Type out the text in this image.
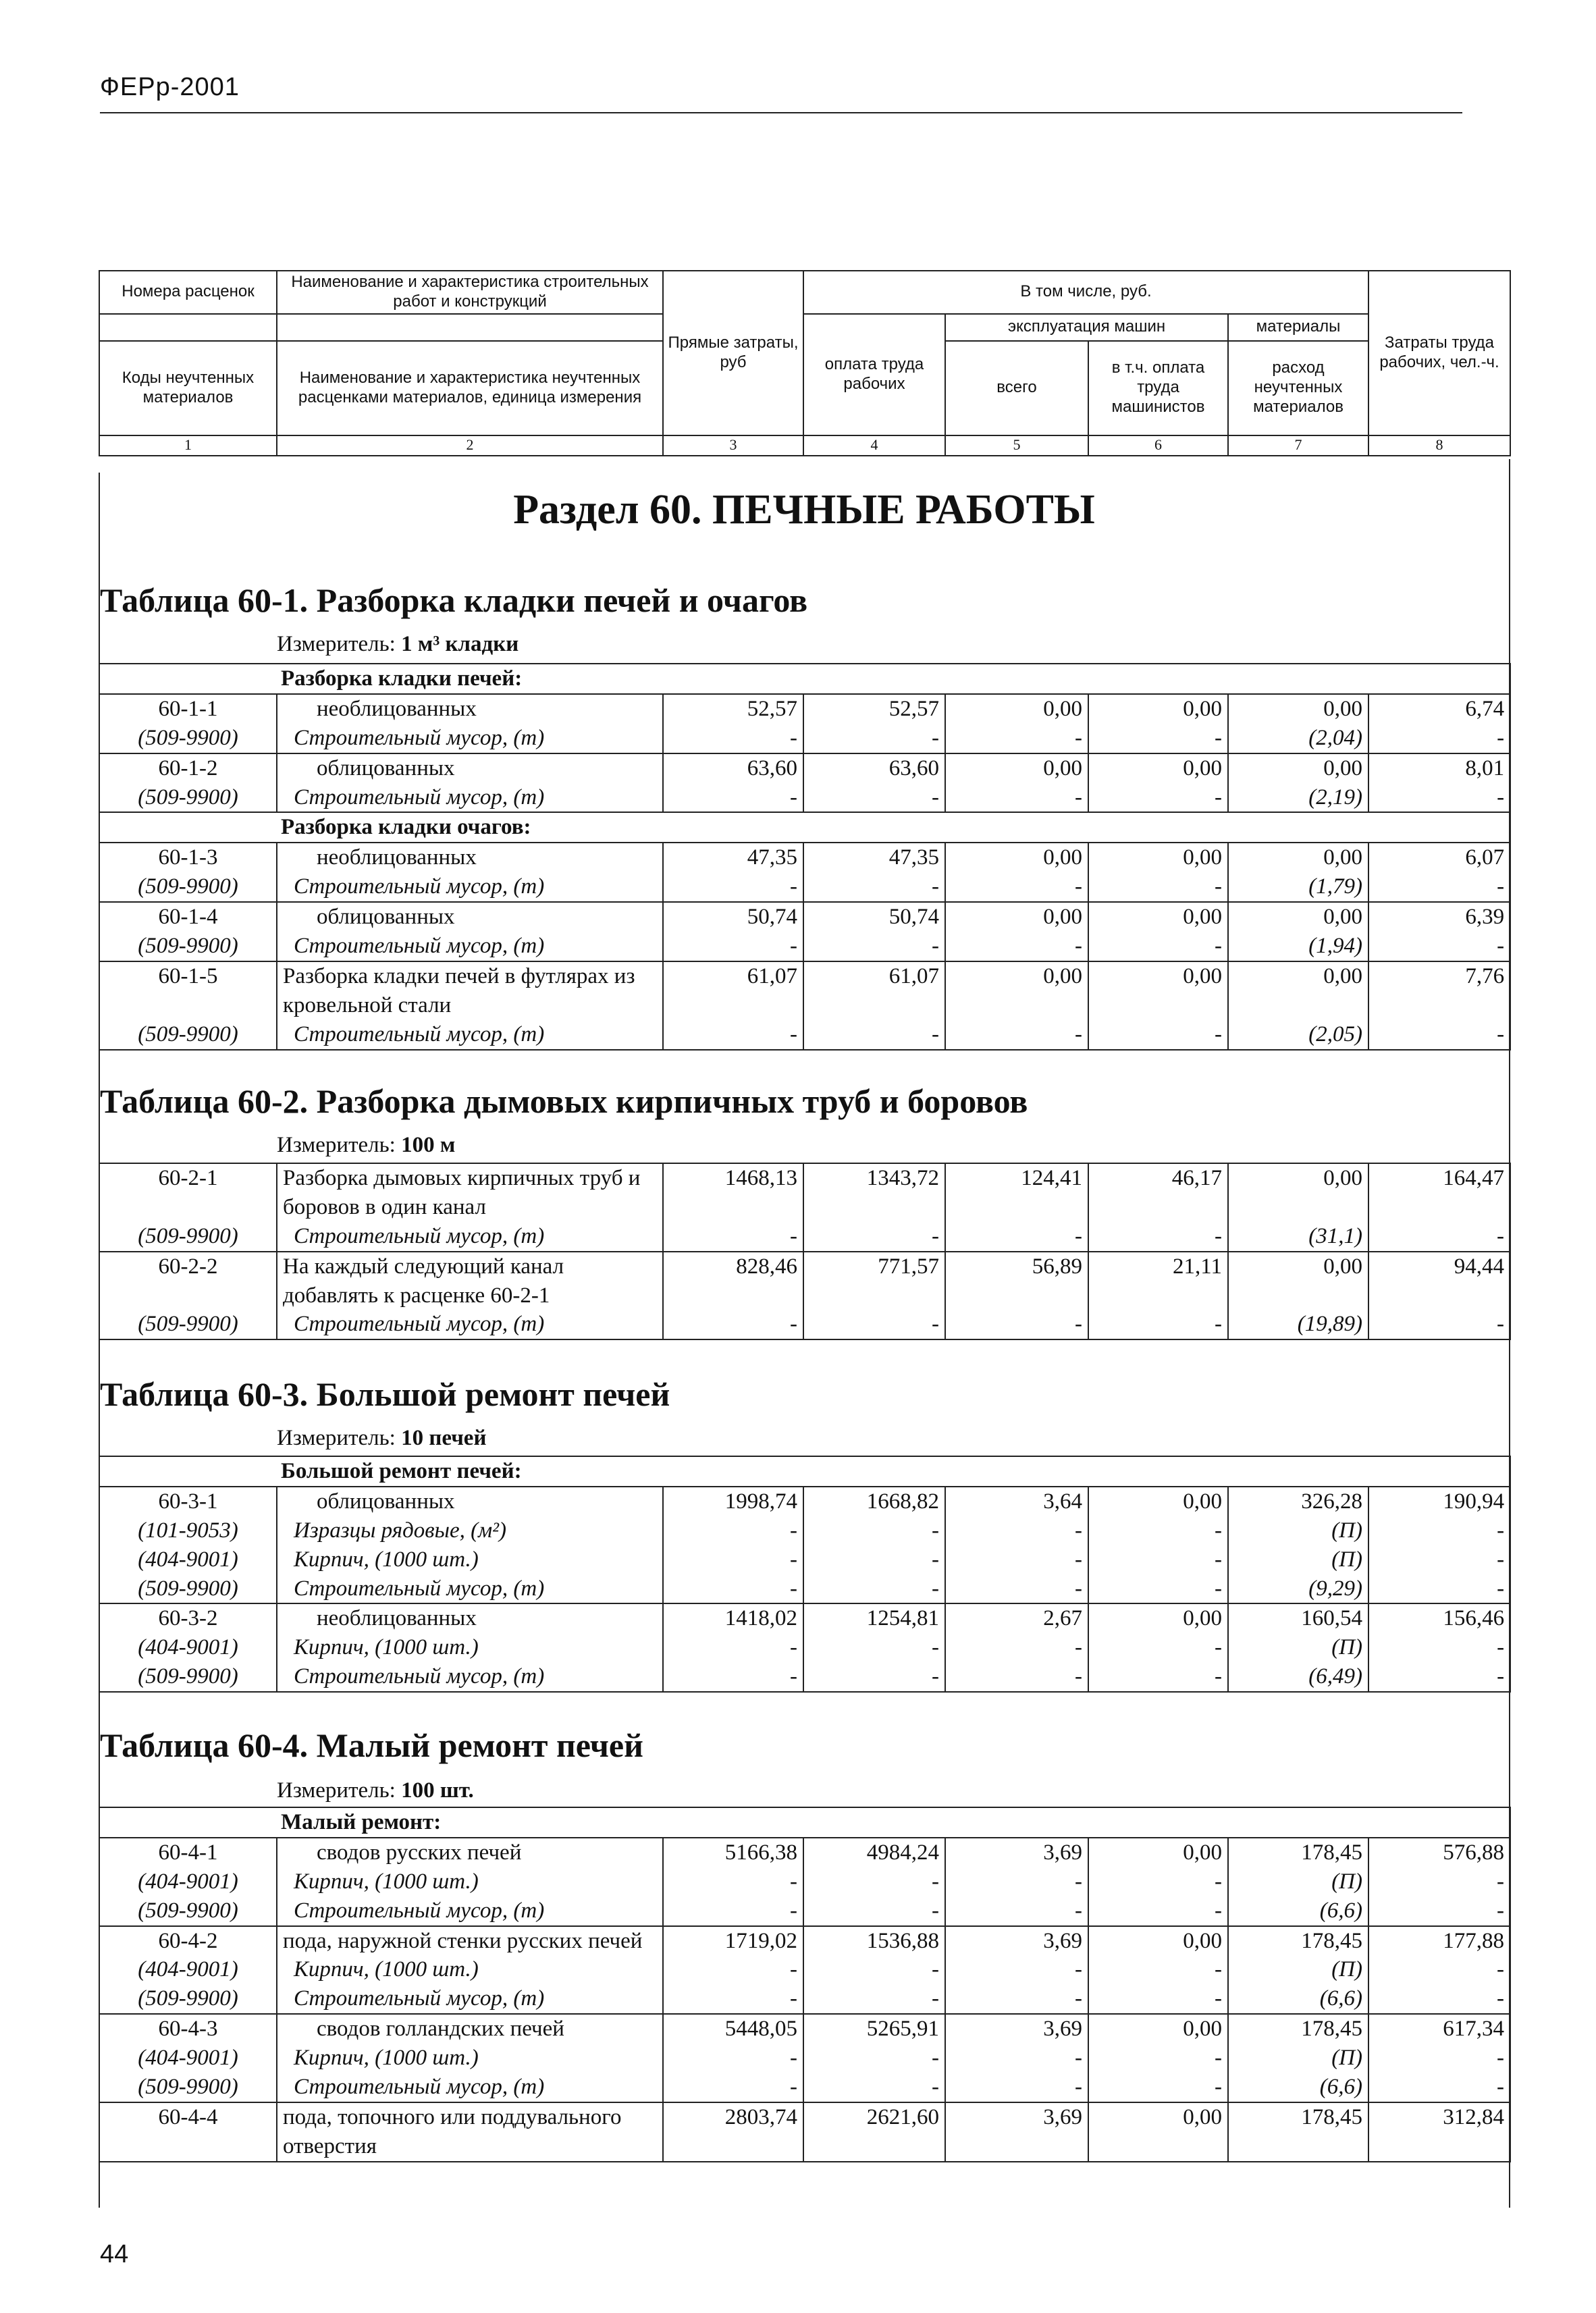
ФЕРр-2001
Номера расценок	Наименование и характеристика строительных работ и конструкций	Прямые затраты, руб	В том числе, руб.				Затраты труда рабочих, чел.-ч.
			оплата труда рабочих	эксплуатация машин		материалы	
Коды неучтенных материалов	Наименование и характеристика неучтенных расценками материалов, единица измерения			всего	в т.ч. оплата труда машинистов	расход неучтенных материалов	

1	2	3	4	5	6	7	8
Раздел 60. ПЕЧНЫЕ РАБОТЫ
Таблица 60-1. Разборка кладки печей и очагов
Измеритель: 1 м³ кладки
Разборка кладки печей:							
60-1-1	необлицованных	52,57	52,57	0,00	0,00	0,00	6,74
(509-9900)	Строительный мусор, (т)	-	-	-	-	(2,04)	-
60-1-2	облицованных	63,60	63,60	0,00	0,00	0,00	8,01
(509-9900)	Строительный мусор, (т)	-	-	-	-	(2,19)	-
Разборка кладки очагов:							
60-1-3	необлицованных	47,35	47,35	0,00	0,00	0,00	6,07
(509-9900)	Строительный мусор, (т)	-	-	-	-	(1,79)	-
60-1-4	облицованных	50,74	50,74	0,00	0,00	0,00	6,39
(509-9900)	Строительный мусор, (т)	-	-	-	-	(1,94)	-
60-1-5	Разборка кладки печей в футлярах из кровельной стали	61,07	61,07	0,00	0,00	0,00	7,76
(509-9900)	Строительный мусор, (т)	-	-	-	-	(2,05)	-
Таблица 60-2. Разборка дымовых кирпичных труб и боровов
Измеритель: 100 м
60-2-1	Разборка дымовых кирпичных труб и боровов в один канал	1468,13	1343,72	124,41	46,17	0,00	164,47
(509-9900)	Строительный мусор, (т)	-	-	-	-	(31,1)	-
60-2-2	На каждый следующий канал добавлять к расценке 60-2-1	828,46	771,57	56,89	21,11	0,00	94,44
(509-9900)	Строительный мусор, (т)	-	-	-	-	(19,89)	-
Таблица 60-3. Большой ремонт печей
Измеритель: 10 печей
Большой ремонт печей:							
60-3-1	облицованных	1998,74	1668,82	3,64	0,00	326,28	190,94
(101-9053)	Изразцы рядовые, (м²)	-	-	-	-	(П)	-
(404-9001)	Кирпич, (1000 шт.)	-	-	-	-	(П)	-
(509-9900)	Строительный мусор, (т)	-	-	-	-	(9,29)	-
60-3-2	необлицованных	1418,02	1254,81	2,67	0,00	160,54	156,46
(404-9001)	Кирпич, (1000 шт.)	-	-	-	-	(П)	-
(509-9900)	Строительный мусор, (т)	-	-	-	-	(6,49)	-
Таблица 60-4. Малый ремонт печей
Измеритель: 100 шт.
Малый ремонт:							
60-4-1	сводов русских печей	5166,38	4984,24	3,69	0,00	178,45	576,88
(404-9001)	Кирпич, (1000 шт.)	-	-	-	-	(П)	-
(509-9900)	Строительный мусор, (т)	-	-	-	-	(6,6)	-
60-4-2	пода, наружной стенки русских печей	1719,02	1536,88	3,69	0,00	178,45	177,88
(404-9001)	Кирпич, (1000 шт.)	-	-	-	-	(П)	-
(509-9900)	Строительный мусор, (т)	-	-	-	-	(6,6)	-
60-4-3	сводов голландских печей	5448,05	5265,91	3,69	0,00	178,45	617,34
(404-9001)	Кирпич, (1000 шт.)	-	-	-	-	(П)	-
(509-9900)	Строительный мусор, (т)	-	-	-	-	(6,6)	-
60-4-4	пода, топочного или поддувального отверстия	2803,74	2621,60	3,69	0,00	178,45	312,84
44
